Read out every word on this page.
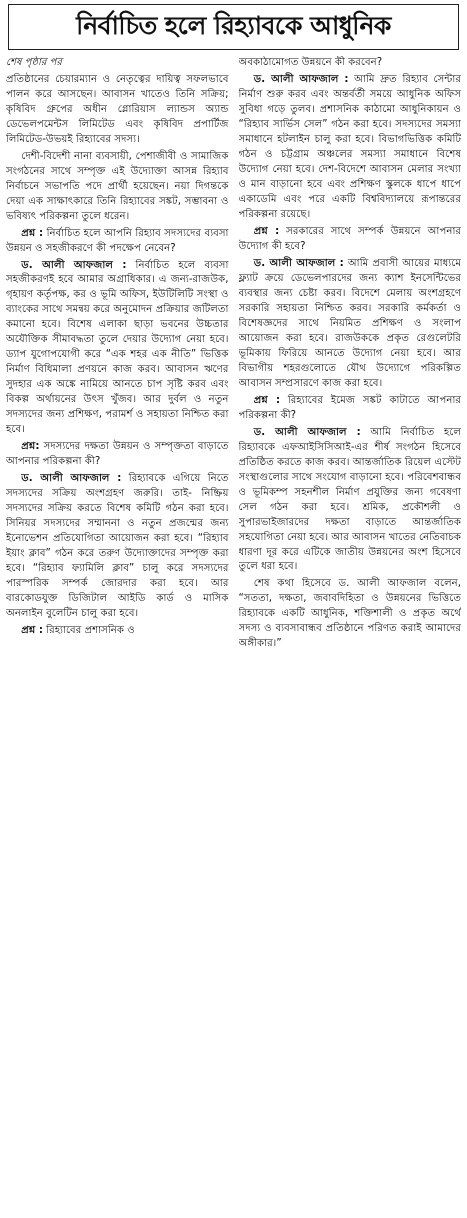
নির্বাচিত হলে রিহ্যাবকে আধুনিক

শেষ পৃষ্ঠার পর

প্রতিষ্ঠানের চেয়ারম্যান ও নেতৃত্বের দায়িত্ব সফলভাবে পালন করে আসছেন। আবাসন খাতেও তিনি সক্রিয়; কৃষিবিদ গ্রুপের অধীন গ্লোরিয়াস ল্যান্ডস অ্যান্ড ডেভেলপমেন্টস লিমিটেড এবং কৃষিবিদ প্রপার্টিজ লিমিটেড-উভয়ই রিহ্যাবের সদস্য।

দেশী-বিদেশী নানা ব্যবসায়ী, পেশাজীবী ও সামাজিক সংগঠনের সাথে সম্পৃক্ত এই উদ্যোক্তা আসন্ন রিহ্যাব নির্বাচনে সভাপতি পদে প্রার্থী হয়েছেন। নয়া দিগন্তকে দেয়া এক সাক্ষাৎকারে তিনি রিহ্যাবের সঙ্কট, সম্ভাবনা ও ভবিষ্যৎ পরিকল্পনা তুলে ধরেন।

প্রশ্ন : নির্বাচিত হলে আপনি রিহ্যাব সদস্যদের ব্যবসা উন্নয়ন ও সহজীকরণে কী পদক্ষেপ নেবেন?

ড. আলী আফজাল : নির্বাচিত হলে ব্যবসা সহজীকরণই হবে আমার অগ্রাধিকার। এ জন্য-রাজউক, গৃহায়ণ কর্তৃপক্ষ, কর ও ভূমি অফিস, ইউটিলিটি সংস্থা ও ব্যাংকের সাথে সমন্বয় করে অনুমোদন প্রক্রিয়ার জটিলতা কমানো হবে। বিশেষ এলাকা ছাড়া ভবনের উচ্চতার অযৌক্তিক সীমাবদ্ধতা তুলে দেয়ার উদ্যোগ নেয়া হবে। ড্যাপ যুগোপযোগী করে “এক শহর এক নীতি” ভিত্তিক নির্মাণ বিধিমালা প্রণয়নে কাজ করব। আবাসন ঋণের সুদহার এক অঙ্কে নামিয়ে আনতে চাপ সৃষ্টি করব এবং বিকল্প অর্থায়নের উৎস খুঁজব। আর দুর্বল ও নতুন সদস্যদের জন্য প্রশিক্ষণ, পরামর্শ ও সহায়তা নিশ্চিত করা হবে।

প্রশ্ন: সদস্যদের দক্ষতা উন্নয়ন ও সম্পৃক্ততা বাড়াতে আপনার পরিকল্পনা কী?

ড. আলী আফজাল : রিহ্যাবকে এগিয়ে নিতে সদস্যদের সক্রিয় অংশগ্রহণ জরুরি। তাই- নিষ্ক্রিয় সদস্যদের সক্রিয় করতে বিশেষ কমিটি গঠন করা হবে। সিনিয়র সদস্যদের সম্মাননা ও নতুন প্রজন্মের জন্য ইনোভেশন প্রতিযোগিতা আয়োজন করা হবে। “রিহ্যাব ইয়াং ক্লাব” গঠন করে তরুণ উদ্যোক্তাদের সম্পৃক্ত করা হবে। “রিহ্যাব ফ্যামিলি ক্লাব” চালু করে সদস্যদের পারস্পরিক সম্পর্ক জোরদার করা হবে। আর বারকোডযুক্ত ডিজিটাল আইডি কার্ড ও মাসিক অনলাইন বুলেটিন চালু করা হবে।

প্রশ্ন : রিহ্যাবের প্রশাসনিক ও

অবকাঠামোগত উন্নয়নে কী করবেন?

ড. আলী আফজাল : আমি দ্রুত রিহ্যাব সেন্টার নির্মাণ শুরু করব এবং অন্তর্বর্তী সময়ে আধুনিক অফিস সুবিধা গড়ে তুলব। প্রশাসনিক কাঠামো আধুনিকায়ন ও “রিহ্যাব সার্ভিস সেল” গঠন করা হবে। সদস্যদের সমস্যা সমাধানে হটলাইন চালু করা হবে। বিভাগভিত্তিক কমিটি গঠন ও চট্টগ্রাম অঞ্চলের সমস্যা সমাধানে বিশেষ উদ্যোগ নেয়া হবে। দেশ-বিদেশে আবাসন মেলার সংখ্যা ও মান বাড়ানো হবে এবং প্রশিক্ষণ স্কুলকে ধাপে ধাপে একাডেমি এবং পরে একটি বিশ্ববিদ্যালয়ে রূপান্তরের পরিকল্পনা রয়েছে।

প্রশ্ন : সরকারের সাথে সম্পর্ক উন্নয়নে আপনার উদ্যোগ কী হবে?

ড. আলী আফজাল : আমি প্রবাসী আয়ের মাধ্যমে ফ্ল্যাট ক্রয়ে ডেভেলপারদের জন্য ক্যাশ ইনসেন্টিভের ব্যবস্থার জন্য চেষ্টা করব। বিদেশে মেলায় অংশগ্রহণে সরকারি সহায়তা নিশ্চিত করব। সরকারি কর্মকর্তা ও বিশেষজ্ঞদের সাথে নিয়মিত প্রশিক্ষণ ও সংলাপ আয়োজন করা হবে। রাজউককে প্রকৃত রেগুলেটরি ভূমিকায় ফিরিয়ে আনতে উদ্যোগ নেয়া হবে। আর বিভাগীয় শহরগুলোতে যৌথ উদ্যোগে পরিকল্পিত আবাসন সম্প্রসারণে কাজ করা হবে।

প্রশ্ন : রিহ্যাবের ইমেজ সঙ্কট কাটাতে আপনার পরিকল্পনা কী?

ড. আলী আফজাল : আমি নির্বাচিত হলে রিহ্যাবকে এফআইসিসিআই-এর শীর্ষ সংগঠন হিসেবে প্রতিষ্ঠিত করতে কাজ করব। আন্তর্জাতিক রিয়েল এস্টেট সংস্থাগুলোর সাথে সংযোগ বাড়ানো হবে। পরিবেশবান্ধব ও ভূমিকম্প সহনশীল নির্মাণ প্রযুক্তির জন্য গবেষণা সেল গঠন করা হবে। শ্রমিক, প্রকৌশলী ও সুপারভাইজারদের দক্ষতা বাড়াতে আন্তর্জাতিক সহযোগিতা নেয়া হবে। আর আবাসন খাতের নেতিবাচক ধারণা দূর করে এটিকে জাতীয় উন্নয়নের অংশ হিসেবে তুলে ধরা হবে।

শেষ কথা হিসেবে ড. আলী আফজাল বলেন, “সততা, দক্ষতা, জবাবদিহিতা ও উন্নয়নের ভিত্তিতে রিহ্যাবকে একটি আধুনিক, শক্তিশালী ও প্রকৃত অর্থে সদস্য ও ব্যবসাবান্ধব প্রতিষ্ঠানে পরিণত করাই আমাদের অঙ্গীকার।”
